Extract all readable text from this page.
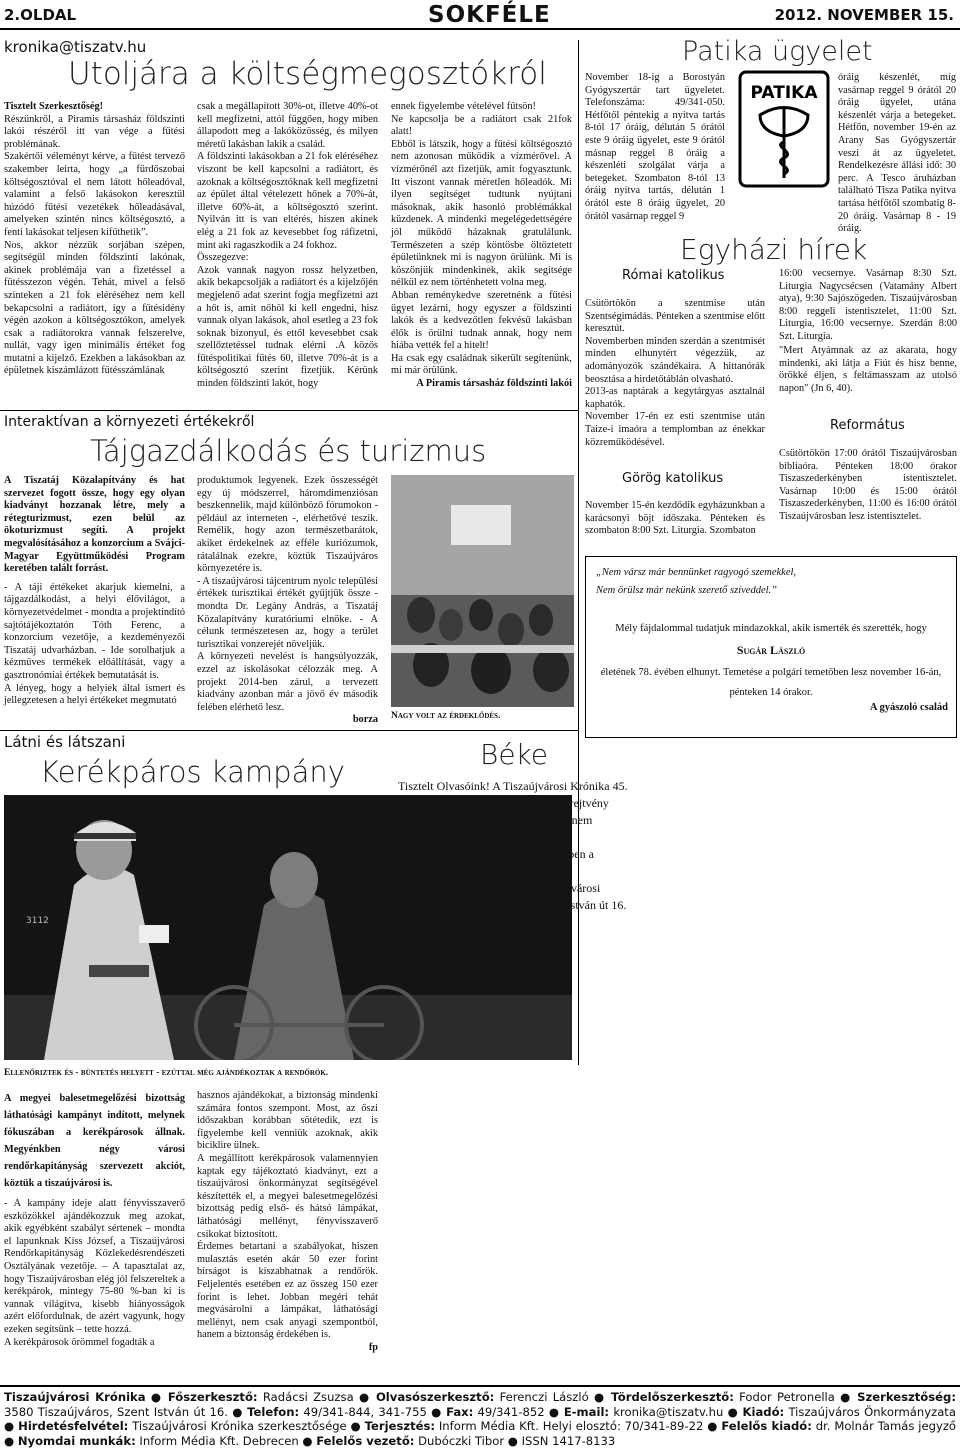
2.OLDAL	SOKFÉLE	2012. NOVEMBER 15.
kronika@tiszatv.hu
Utoljára a költségmegosztókról

Tisztelt Szerkesztőség!

Részünkről, a Piramis társasház földszinti lakói részéről itt van vége a fűtési problémának.

Szakértői véleményt kérve, a fűtést tervező szakember leírta, hogy „a fürdőszobai költségosztóval el nem látott hőleadóval, valamint a felső lakásokon keresztül húzódó fűtési vezetékek hőleadásával, amelyeken szintén nincs költségosztó, a fenti lakásokat teljesen kifűthetik”.

Nos, akkor nézzük sorjában szépen, segítségül minden földszinti lakónak, akinek problémája van a fizetéssel a fűtésszezon végén. Tehát, mivel a felső szinteken a 21 fok eléréséhez nem kell bekapcsolni a radiátort, így a fűtésidény végén azokon a költségosztókon, amelyek csak a radiátorokra vannak felszerelve, nullát, vagy igen minimális értéket fog mutatni a kijelző. Ezekben a lakásokban az épületnek kiszámlázott fűtésszámlának

csak a megállapított 30%-ot, illetve 40%-ot kell megfizetni, attól függően, hogy miben állapodott meg a lakóközösség, és milyen méretű lakásban lakik a család.

A földszinti lakásokban a 21 fok eléréséhez viszont be kell kapcsolni a radiátort, és azoknak a költségosztóknak kell megfizetni az épület által vételezett hőnek a 70%-át, illetve 60%-át, a költségosztó szerint. Nyilván itt is van eltérés, hiszen akinek elég a 21 fok az kevesebbet fog ráfizetni, mint aki ragaszkodik a 24 fokhoz.

Összegezve:

Azok vannak nagyon rossz helyzetben, akik bekapcsolják a radiátort és a kijelzőjén megjelenő adat szerint fogja megfizetni azt a hőt is, amit nőhöl ki kell engedni, hisz vannak olyan lakások, ahol esetleg a 23 fok soknak bizonyul, és ettől kevesebbet csak szellőztetéssel tudnak elérni .A közös fűtéspolitikai fűtés 60, illetve 70%-át is a költségosztó szerint fizetjük. Kérünk minden földszinti lakót, hogy

ennek figyelembe vételével fűtsön!

Ne kapcsolja be a radiátort csak 21fok alatt!

Ebből is látszik, hogy a fűtési költségosztó nem azonosan működik a vízmérővel. A vízmérőnél azt fizetjük, amit fogyasztunk. Itt viszont vannak méretlen hőleadók. Mi ilyen segítséget tudtunk nyújtani másoknak, akik hasonló problémákkal küzdenek. A mindenki megelégedettségére jól működő házaknak gratulálunk. Természeten a szép köntösbe öltöztetett épületünknek mi is nagyon örülünk. Mi is köszönjük mindenkinek, akik segítsége nélkül ez nem történhetett volna meg.

Abban reménykedve szeretnénk a fűtési ügyet lezárni, hogy egyszer a földszinti lakók és a kedvezőtlen fekvésű lakásban élők is örülni tudnak annak, hogy nem hiába vették fel a hitelt!

Ha csak egy családnak sikerült segítenünk, mi már örülünk.

A Piramis társasház földszinti lakói

Patika ügyelet
November 18-ig a Borostyán Gyógyszertár tart ügyeletet. Telefonszáma: 49/341-050. Hétfőtől péntekig a nyitva tartás 8-tól 17 óráig, délután 5 órától este 9 óráig ügyelet, este 9 órától másnap reggel 8 óráig a készenléti szolgálat várja a betegeket. Szombaton 8-tól 13 óráig nyitva tartás, délután 1 órától este 8 óráig ügyelet, 20 órától vasárnap reggel 9
PATIKA
óráig készenlét, míg vasárnap reggel 9 órától 20 óráig ügyelet, utána készenlét várja a betegeket. Hétfőn, november 19-én az Arany Sas Gyógyszertár veszi át az ügyeletet. Rendelkezésre állási idő: 30 perc. A Tesco áruházban található Tisza Patika nyitva tartása hétfőtől szombatig 8-20 óráig. Vasárnap 8 - 19 óráig.
Egyházi hírek
Római katolikus

Csütörtökön a szentmise után Szentségimádás. Pénteken a szentmise előtt keresztút.

Novemberben minden szerdán a szentmisét minden elhunytért végezzük, az adományozók szándékaira. A hittanórák beosztása a hirdetőtáblán olvasható.

2013-as naptárak a kegytárgyas asztalnál kaphatók.

November 17-én ez esti szentmise után Taize-i imaóra a templomban az énekkar közreműködésével.

Görög katolikus
November 15-én kezdődik egyházunkban a karácsonyi böjt időszaka. Pénteken és szombaton 8:00 Szt. Liturgia. Szombaton
16:00 vecsernye. Vasárnap 8:30 Szt. Liturgia Nagycsécsen (Vatamány Albert atya), 9:30 Sajószögeden. Tiszaújvárosban 8:00 reggeli istentisztelet, 11:00 Szt. Liturgia, 16:00 vecsernye. Szerdán 8:00 Szt. Liturgia.
"Mert Atyámnak az az akarata, hogy mindenki, aki látja a Fiút és hisz benne, örökké éljen, s feltámasszam az utolsó napon" (Jn 6, 40).
Református
Csütörtökön 17:00 órától Tiszaújvárosban bibliaóra. Pénteken 18:00 órakor Tiszaszederkényben istentisztelet. Vasárnap 10:00 és 15:00 órától Tiszaszederkényben, 11:00 és 16:00 órától Tiszaújvárosban lesz istentisztelet.
„Nem vársz már bennünket ragyogó szemekkel,
Nem örülsz már nekünk szerető szíveddel.”
Mély fájdalommal tudatjuk mindazokkal, akik ismerték és szerették, hogy
Sugár László
életének 78. évében elhunyt. Temetése a polgári temetőben lesz november 16-án, pénteken 14 órakor.
A gyászoló család
Interaktívan a környezeti értékekről
Tájgazdálkodás és turizmus

A Tiszatáj Közalapítvány és hat szervezet fogott össze, hogy egy olyan kiadványt hozzanak létre, mely a rétegturizmust, ezen belül az ökoturizmust segíti. A projekt megvalósításához a konzorcium a Svájci-Magyar Együttműködési Program keretében talált forrást.

- A táji értékeket akarjuk kiemelni, a tájgazdálkodást, a helyi élővilágot, a környezetvédelmet - mondta a projektindító sajtótájékoztatón Tóth Ferenc, a konzorcium vezetője, a kezdeményezői Tiszatáj udvarházban. - Ide sorolhatjuk a kézműves termékek előállítását, vagy a gasztronómiai értékek bemutatását is.

A lényeg, hogy a helyiek által ismert és jellegzetesen a helyi értékeket megmutató

produktumok legyenek. Ezek összességét egy új módszerrel, háromdimenziósan beszkennelik, majd különböző fórumokon - például az interneten -, elérhetővé teszik. Remélik, hogy azon természetbarátok, akiket érdekelnek az efféle kuriózumok, rátalálnak ezekre, köztük Tiszaújváros környezetére is.

- A tiszaújvárosi tájcentrum nyolc települési értékek turisztikai értékét gyűjtjük össze - mondta Dr. Legány András, a Tiszatáj Közalapítvány kuratóriumi elnöke. - A célunk természetesen az, hogy a terület turisztikai vonzerejét növeljük.

A környezeti nevelést is hangsúlyozzák, ezzel az iskolásokat célozzák meg. A projekt 2014-ben zárul, a tervezett kiadvány azonban már a jövő év második felében elérhető lesz.

borza Nagy volt az érdeklődés.
Látni és látszani
Kerékpáros kampány
3112
Ellenőriztek és - büntetés helyett - ezúttal még ajándékoztak a rendőrök.

A megyei balesetmegelőzési bizottság láthatósági kampányt indított, melynek fókuszában a kerékpárosok állnak. Megyénkben négy városi rendőrkapitányság szervezett akciót, köztük a tiszaújvárosi is.

- A kampány ideje alatt fényvisszaverő eszközökkel ajándékozzuk meg azokat, akik egyébként szabályt sértenek – mondta el lapunknak Kiss József, a Tiszaújvárosi Rendőrkapitányság Közlekedésrendészeti Osztályának vezetője. – A tapasztalat az, hogy Tiszaújvárosban elég jól felszereltek a kerékpárok, mintegy 75-80 %-ban ki is vannak világítva, kisebb hiányosságok azért előfordulnak, de azért vagyunk, hogy ezeken segítsünk – tette hozzá.

A kerékpárosok örömmel fogadták a

hasznos ajándékokat, a biztonság mindenki számára fontos szempont. Most, az őszi időszakban korábban sötétedik, ezt is figyelembe kell venniük azoknak, akik biciklire ülnek.

A megállított kerékpárosok valamennyien kaptak egy tájékoztató kiadványt, ezt a tiszaújvárosi önkormányzat segítségével készítették el, a megyei balesetmegelőzési bizottság pedig első- és hátsó lámpákat, láthatósági mellényt, fényvisszaverő csíkokat biztosított.

Érdemes betartani a szabályokat, hiszen mulasztás esetén akár 50 ezer forint bírságot is kiszabhatnak a rendőrök. Feljelentés esetében ez az összeg 150 ezer forint is lehet. Jobban megéri tehát megvásárolni a lámpákat, láthatósági mellényt, nem csak anyagi szempontból, hanem a biztonság érdekében is.

fp

Béke
Tisztelt Olvasóink! A Tiszaújvárosi Krónika 45. és 44. számában tévesen ugyanaz a rejtvény jelent meg. A kéthónapos játékot ez nem befolyásolja. December végéig tart rejtvénypályázatunk, melyre e-mailben a kronika@tiszatv.hu címre várjuk a megfejtéseket, levélcímünk: Tiszaújvárosi Krónika, 3580 Tiszaújváros, Szent István út 16.
Tiszaújvárosi Krónika ● Főszerkesztő: Radácsi Zsuzsa ● Olvasószerkesztő: Ferenczi László ● Tördelőszerkesztő: Fodor Petronella ● Szerkesztőség: 3580 Tiszaújváros, Szent István út 16. ● Telefon: 49/341-844, 341-755 ● Fax: 49/341-852 ● E-mail: kronika@tiszatv.hu ● Kiadó: Tiszaújváros Önkormányzata ● Hirdetésfelvétel: Tiszaújvárosi Krónika szerkesztősége ● Terjesztés: Inform Média Kft. Helyi elosztó: 70/341-89-22 ● Felelős kiadó: dr. Molnár Tamás jegyző ● Nyomdai munkák: Inform Média Kft. Debrecen ● Felelős vezető: Dubóczki Tibor ● ISSN 1417-8133
